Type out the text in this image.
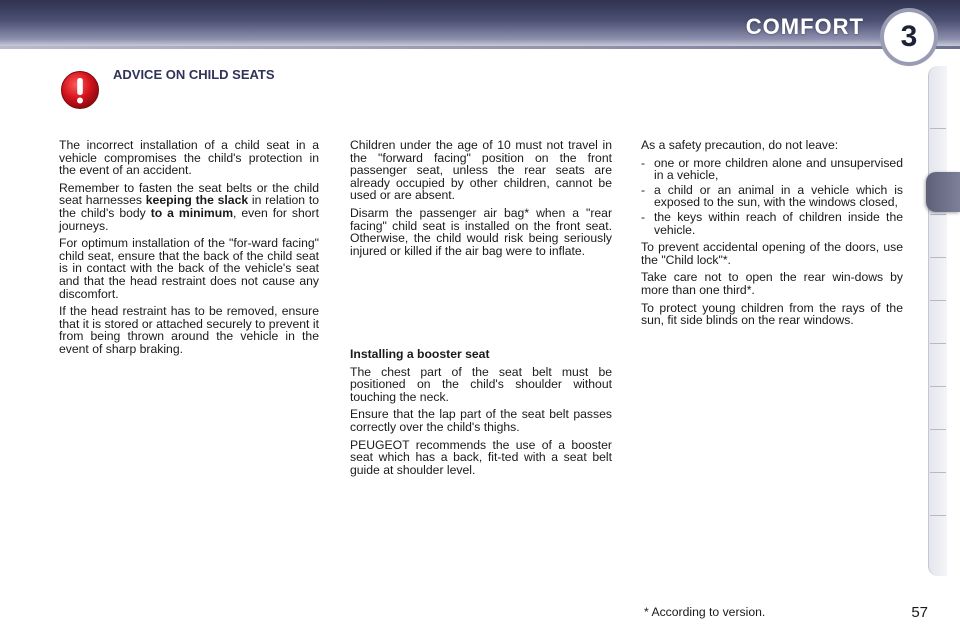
COMFORT 3
ADVICE ON CHILD SEATS

The incorrect installation of a child seat in a vehicle compromises the child's protection in the event of an accident.

Remember to fasten the seat belts or the child seat harnesses keeping the slack in relation to the child's body to a minimum, even for short journeys.

For optimum installation of the "for-ward facing" child seat, ensure that the back of the child seat is in contact with the back of the vehicle's seat and that the head restraint does not cause any discomfort.

If the head restraint has to be removed, ensure that it is stored or attached securely to prevent it from being thrown around the vehicle in the event of sharp braking.

Children under the age of 10 must not travel in the "forward facing" position on the front passenger seat, unless the rear seats are already occupied by other children, cannot be used or are absent.

Disarm the passenger air bag* when a "rear facing" child seat is installed on the front seat. Otherwise, the child would risk being seriously injured or killed if the air bag were to inflate.

Installing a booster seat

The chest part of the seat belt must be positioned on the child's shoulder without touching the neck.

Ensure that the lap part of the seat belt passes correctly over the child's thighs.

PEUGEOT recommends the use of a booster seat which has a back, fit-ted with a seat belt guide at shoulder level.

As a safety precaution, do not leave:

- one or more children alone and unsupervised in a vehicle,
- a child or an animal in a vehicle which is exposed to the sun, with the windows closed,
- the keys within reach of children inside the vehicle.

To prevent accidental opening of the doors, use the "Child lock"*.

Take care not to open the rear win-dows by more than one third*.

To protect young children from the rays of the sun, fit side blinds on the rear windows.

* According to version.	57
